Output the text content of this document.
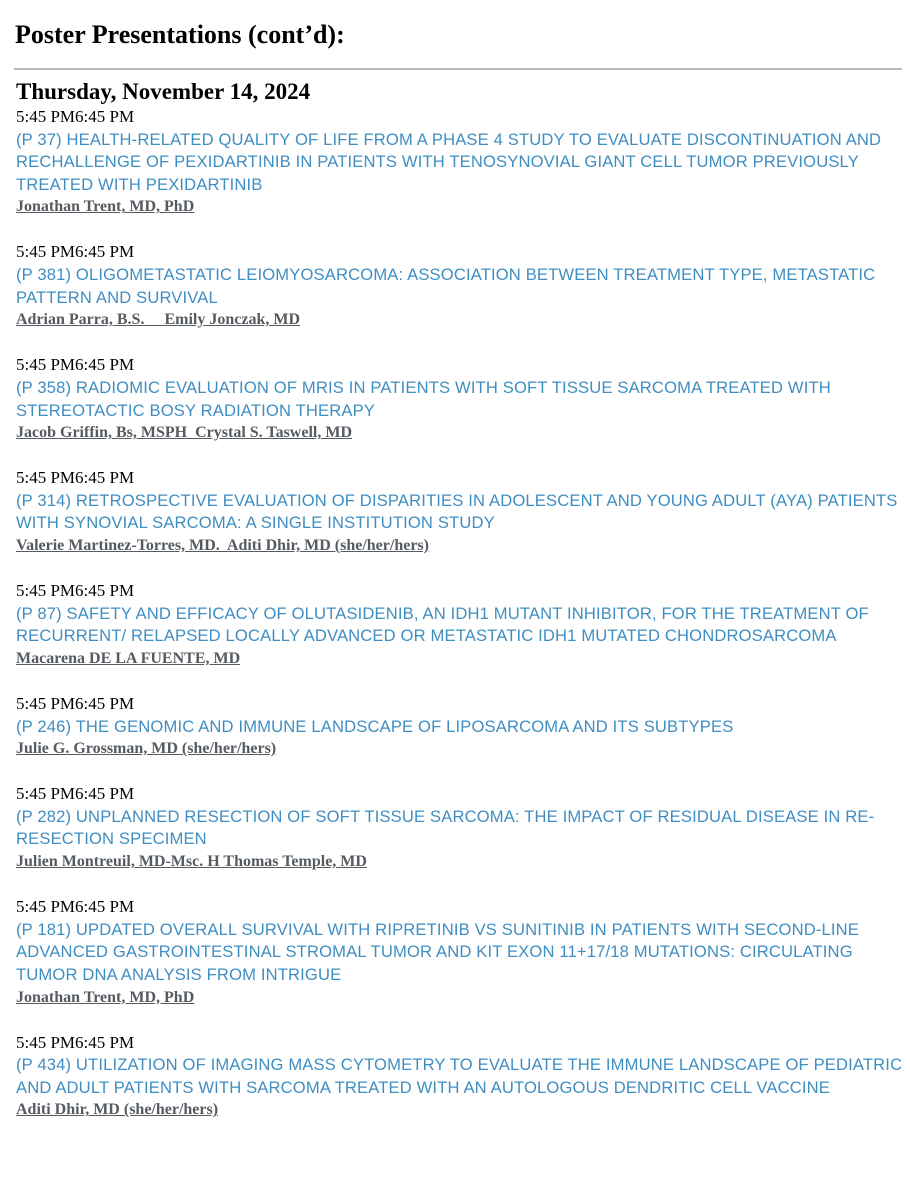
Poster Presentations (cont’d):
Thursday, November 14, 2024
5:45 PM6:45 PM
(P 37) HEALTH-RELATED QUALITY OF LIFE FROM A PHASE 4 STUDY TO EVALUATE DISCONTINUATION AND RECHALLENGE OF PEXIDARTINIB IN PATIENTS WITH TENOSYNOVIAL GIANT CELL TUMOR PREVIOUSLY TREATED WITH PEXIDARTINIB
Jonathan Trent, MD, PhD
5:45 PM6:45 PM
(P 381) OLIGOMETASTATIC LEIOMYOSARCOMA: ASSOCIATION BETWEEN TREATMENT TYPE, METASTATIC PATTERN AND SURVIVAL
Adrian Parra, B.S.     Emily Jonczak, MD
5:45 PM6:45 PM
(P 358) RADIOMIC EVALUATION OF MRIS IN PATIENTS WITH SOFT TISSUE SARCOMA TREATED WITH STEREOTACTIC BOSY RADIATION THERAPY
Jacob Griffin, Bs, MSPH  Crystal S. Taswell, MD
5:45 PM6:45 PM
(P 314) RETROSPECTIVE EVALUATION OF DISPARITIES IN ADOLESCENT AND YOUNG ADULT (AYA) PATIENTS WITH SYNOVIAL SARCOMA: A SINGLE INSTITUTION STUDY
Valerie Martinez-Torres, MD.  Aditi Dhir, MD (she/her/hers)
5:45 PM6:45 PM
(P 87) SAFETY AND EFFICACY OF OLUTASIDENIB, AN IDH1 MUTANT INHIBITOR, FOR THE TREATMENT OF RECURRENT/ RELAPSED LOCALLY ADVANCED OR METASTATIC IDH1 MUTATED CHONDROSARCOMA
Macarena DE LA FUENTE, MD
5:45 PM6:45 PM
(P 246) THE GENOMIC AND IMMUNE LANDSCAPE OF LIPOSARCOMA AND ITS SUBTYPES
Julie G. Grossman, MD (she/her/hers)
5:45 PM6:45 PM
(P 282) UNPLANNED RESECTION OF SOFT TISSUE SARCOMA: THE IMPACT OF RESIDUAL DISEASE IN RE-RESECTION SPECIMEN
Julien Montreuil, MD-Msc. H Thomas Temple, MD
5:45 PM6:45 PM
(P 181) UPDATED OVERALL SURVIVAL WITH RIPRETINIB VS SUNITINIB IN PATIENTS WITH SECOND-LINE ADVANCED GASTROINTESTINAL STROMAL TUMOR AND KIT EXON 11+17/18 MUTATIONS: CIRCULATING TUMOR DNA ANALYSIS FROM INTRIGUE
Jonathan Trent, MD, PhD
5:45 PM6:45 PM
(P 434) UTILIZATION OF IMAGING MASS CYTOMETRY TO EVALUATE THE IMMUNE LANDSCAPE OF PEDIATRIC AND ADULT PATIENTS WITH SARCOMA TREATED WITH AN AUTOLOGOUS DENDRITIC CELL VACCINE
Aditi Dhir, MD (she/her/hers)
